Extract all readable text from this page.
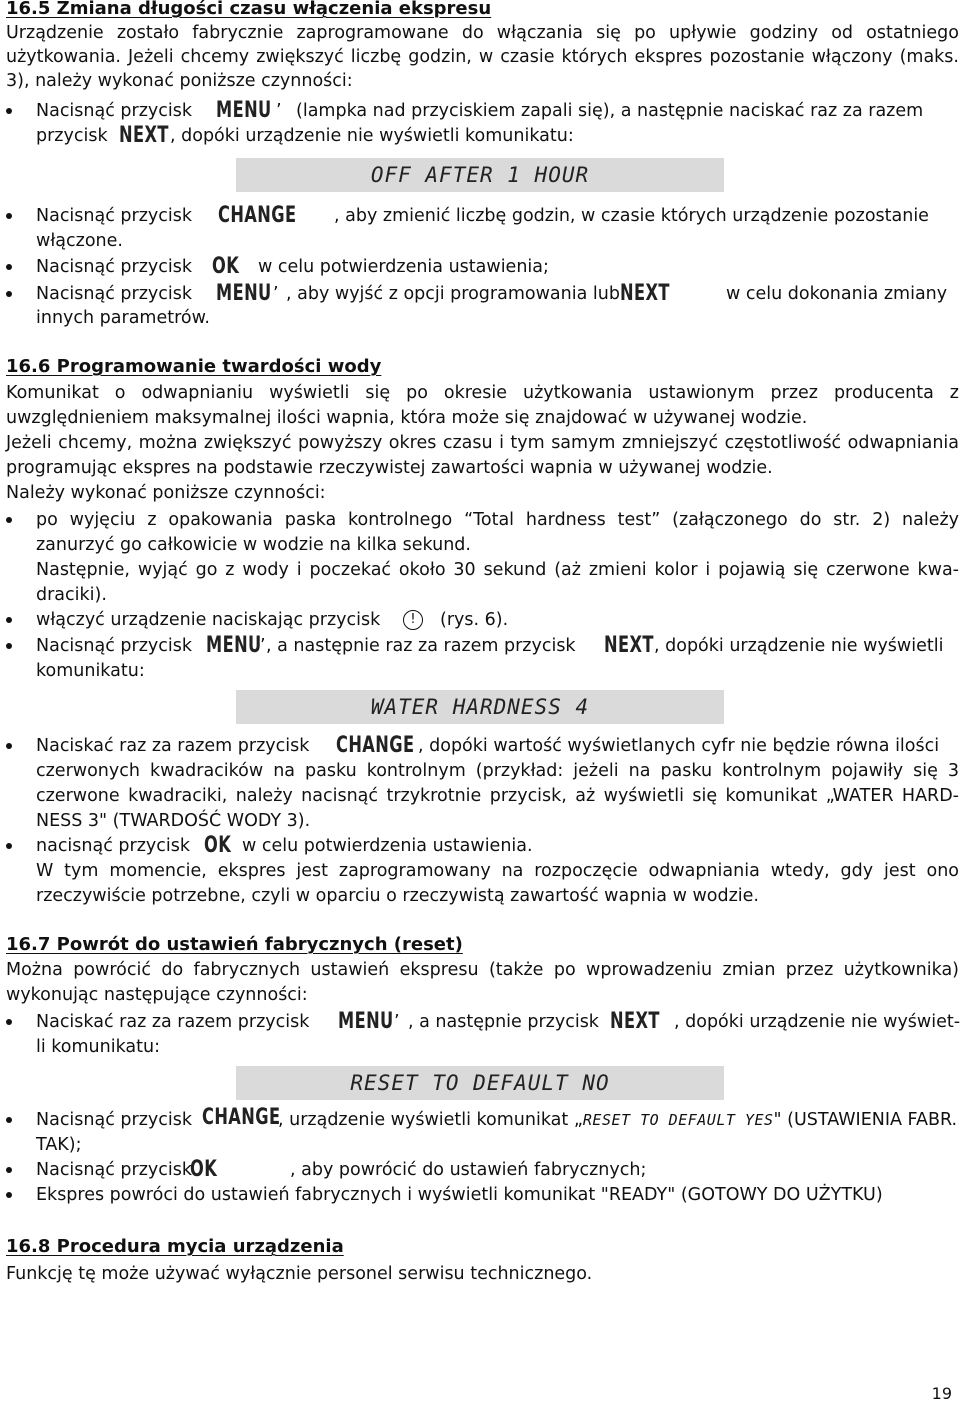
16.5 Zmiana długości czasu włączenia ekspresu
Urządzenie zostało fabrycznie zaprogramowane do włączania się po upływie godziny od ostatniego
użytkowania. Jeżeli chcemy zwiększyć liczbę godzin, w czasie których ekspres pozostanie włączony (maks.
3), należy wykonać poniższe czynności:
Nacisnąć przycisk MENU ’ (lampka nad przyciskiem zapali się), a następnie naciskać raz za razem
przycisk NEXT , dopóki urządzenie nie wyświetli komunikatu:
OFF AFTER 1 HOUR
Nacisnąć przycisk CHANGE , aby zmienić liczbę godzin, w czasie których urządzenie pozostanie
włączone.
Nacisnąć przycisk OK w celu potwierdzenia ustawienia;
Nacisnąć przycisk MENU ’ , aby wyjść z opcji programowania lub NEXT	w celu dokonania zmiany
innych parametrów.
16.6 Programowanie twardości wody
Komunikat o odwapnianiu wyświetli się po okresie użytkowania ustawionym przez producenta z
uwzględnieniem maksymalnej ilości wapnia, która może się znajdować w używanej wodzie.
Jeżeli chcemy, można zwiększyć powyższy okres czasu i tym samym zmniejszyć częstotliwość odwapniania
programując ekspres na podstawie rzeczywistej zawartości wapnia w używanej wodzie.
Należy wykonać poniższe czynności:
po wyjęciu z opakowania paska kontrolnego “Total hardness test” (załączonego do str. 2) należy
zanurzyć go całkowicie w wodzie na kilka sekund.
Następnie, wyjąć go z wody i poczekać około 30 sekund (aż zmieni kolor i pojawią się czerwone kwa-
draciki).
włączyć urządzenie naciskając przycisk	!	(rys. 6).
Nacisnąć przycisk MENU
’ , a następnie raz za razem przycisk NEXT , dopóki urządzenie nie wyświetli
komunikatu:
WATER HARDNESS 4
Naciskać raz za razem przycisk CHANGE , dopóki wartość wyświetlanych cyfr nie będzie równa ilości
czerwonych kwadracików na pasku kontrolnym (przykład: jeżeli na pasku kontrolnym pojawiły się 3
czerwone kwadraciki, należy nacisnąć trzykrotnie przycisk, aż wyświetli się komunikat „WATER HARD-
NESS 3" (TWARDOŚĆ WODY 3).
nacisnąć przycisk OK w celu potwierdzenia ustawienia.
W tym momencie, ekspres jest zaprogramowany na rozpoczęcie odwapniania wtedy, gdy jest ono
rzeczywiście potrzebne, czyli w oparciu o rzeczywistą zawartość wapnia w wodzie.
16.7 Powrót do ustawień fabrycznych (reset)
Można powrócić do fabrycznych ustawień ekspresu (także po wprowadzeniu zmian przez użytkownika)
wykonując następujące czynności:
Naciskać raz za razem przycisk MENU ’ , a następnie przycisk NEXT , dopóki urządzenie nie wyświet-
li komunikatu:
RESET TO DEFAULT NO
Nacisnąć przycisk CHANGE
, urządzenie wyświetli komunikat „RESET TO DEFAULT YES" (USTAWIENIA FABR.
TAK);
Nacisnąć przycisk
OK	, aby powrócić do ustawień fabrycznych;
Ekspres powróci do ustawień fabrycznych i wyświetli komunikat "READY" (GOTOWY DO UŻYTKU)
16.8 Procedura mycia urządzenia
Funkcję tę może używać wyłącznie personel serwisu technicznego.
19
